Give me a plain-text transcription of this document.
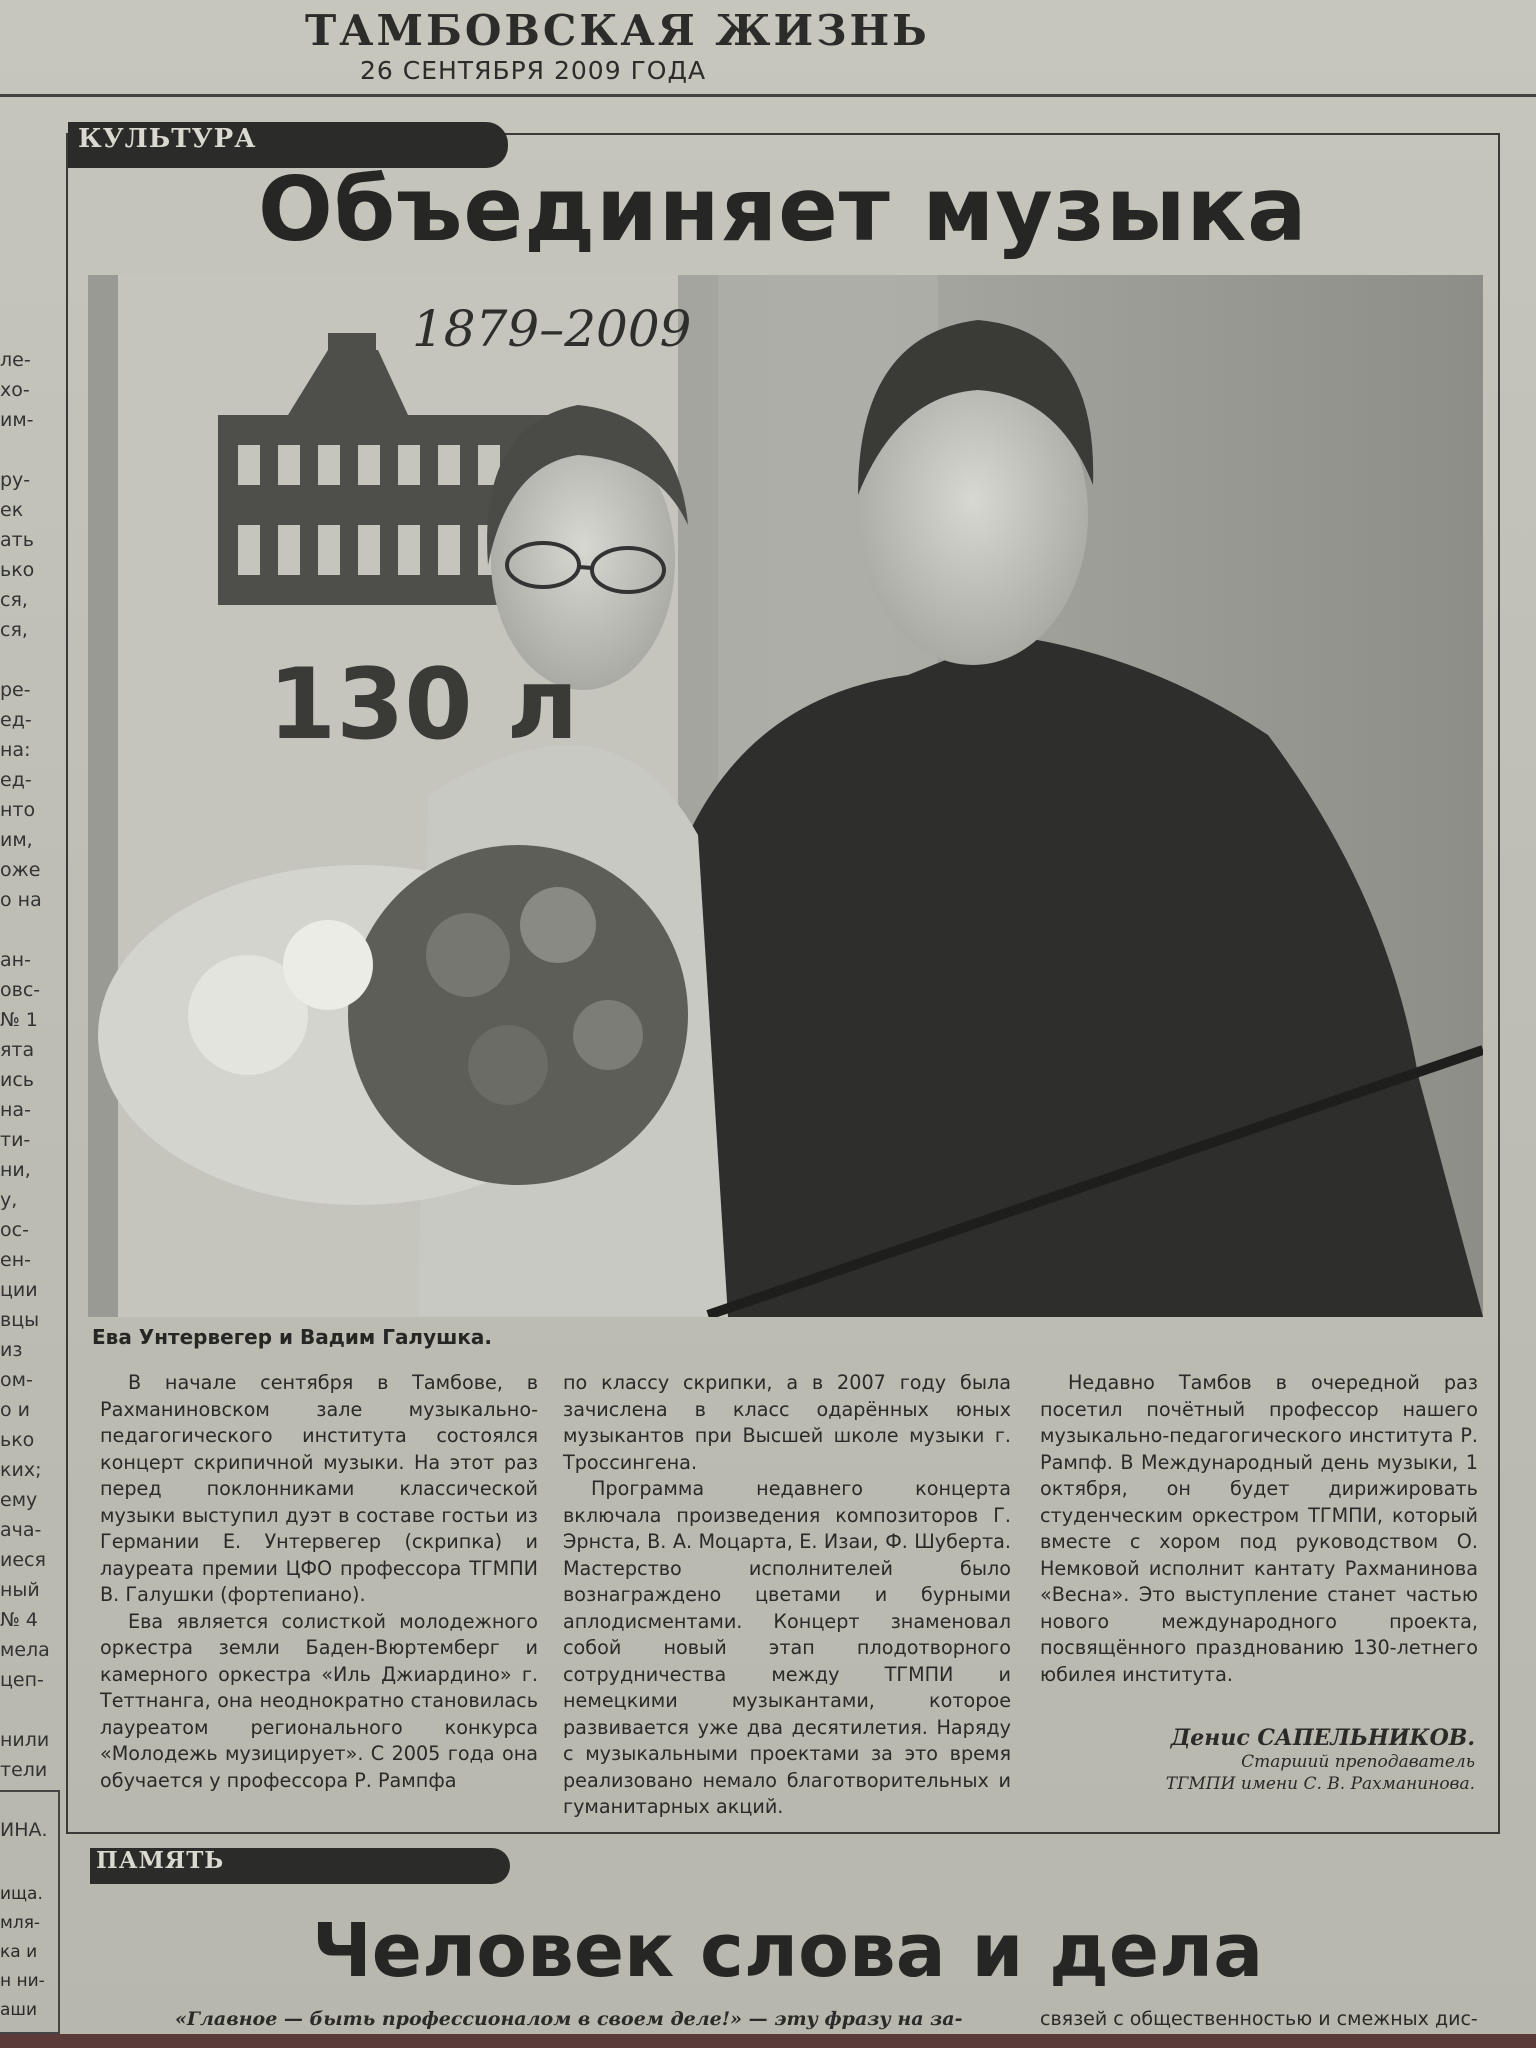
ТАМБОВСКАЯ ЖИЗНЬ
26 СЕНТЯБРЯ 2009 ГОДА
ле-
хо-
им-

ру-
ек
ать
ько
ся,
ся,

ре-
ед-
на:
ед-
нто
им,
оже
о на

ан-
овс-
№ 1
ята
ись
на-
ти-
ни,
у,
ос-
ен-
ции
вцы
из
ом-
о и
ько
ких;
ему
ача-
иеся
ный
№ 4
мела
цеп-

нили
тели

ИНА.
ища.
мля-
ка и
н ни-
аши
КУЛЬТУРА
Объединяет музыка
1879–2009
130 л
Ева Унтервегер и Вадим Галушка.

В начале сентября в Тамбове, в Рахманиновском зале музыкально-педагогического института состоялся концерт скрипичной музыки. На этот раз перед поклонниками классической музыки выступил дуэт в составе гостьи из Германии Е. Унтервегер (скрипка) и лауреата премии ЦФО профессора ТГМПИ В. Галушки (фортепиано).

Ева является солисткой молодежного оркестра земли Баден-Вюртемберг и камерного оркестра «Иль Джиардино» г. Теттнанга, она неоднократно становилась лауреатом регионального конкурса «Молодежь музицирует». С 2005 года она обучается у профессора Р. Рампфа

по классу скрипки, а в 2007 году была зачислена в класс одарённых юных музыкантов при Высшей школе музыки г. Троссингена.

Программа недавнего концерта включала произведения композиторов Г. Эрнста, В. А. Моцарта, Е. Изаи, Ф. Шуберта. Мастерство исполнителей было вознаграждено цветами и бурными аплодисментами. Концерт знаменовал собой новый этап плодотворного сотрудничества между ТГМПИ и немецкими музыкантами, которое развивается уже два десятилетия. Наряду с музыкальными проектами за это время реализовано немало благотворительных и гуманитарных акций.

Недавно Тамбов в очередной раз посетил почётный профессор нашего музыкально-педагогического института Р. Рампф. В Международный день музыки, 1 октября, он будет дирижировать студенческим оркестром ТГМПИ, который вместе с хором под руководством О. Немковой исполнит кантату Рахманинова «Весна». Это выступление станет частью нового международного проекта, посвящённого празднованию 130-летнего юбилея института.

Денис САПЕЛЬНИКОВ.
Старший преподаватель
ТГМПИ имени С. В. Рахманинова.
ПАМЯТЬ
Человек слова и дела
«Главное — быть профессионалом в своем деле!» — эту фразу на за-	связей с общественностью и смежных дис-
